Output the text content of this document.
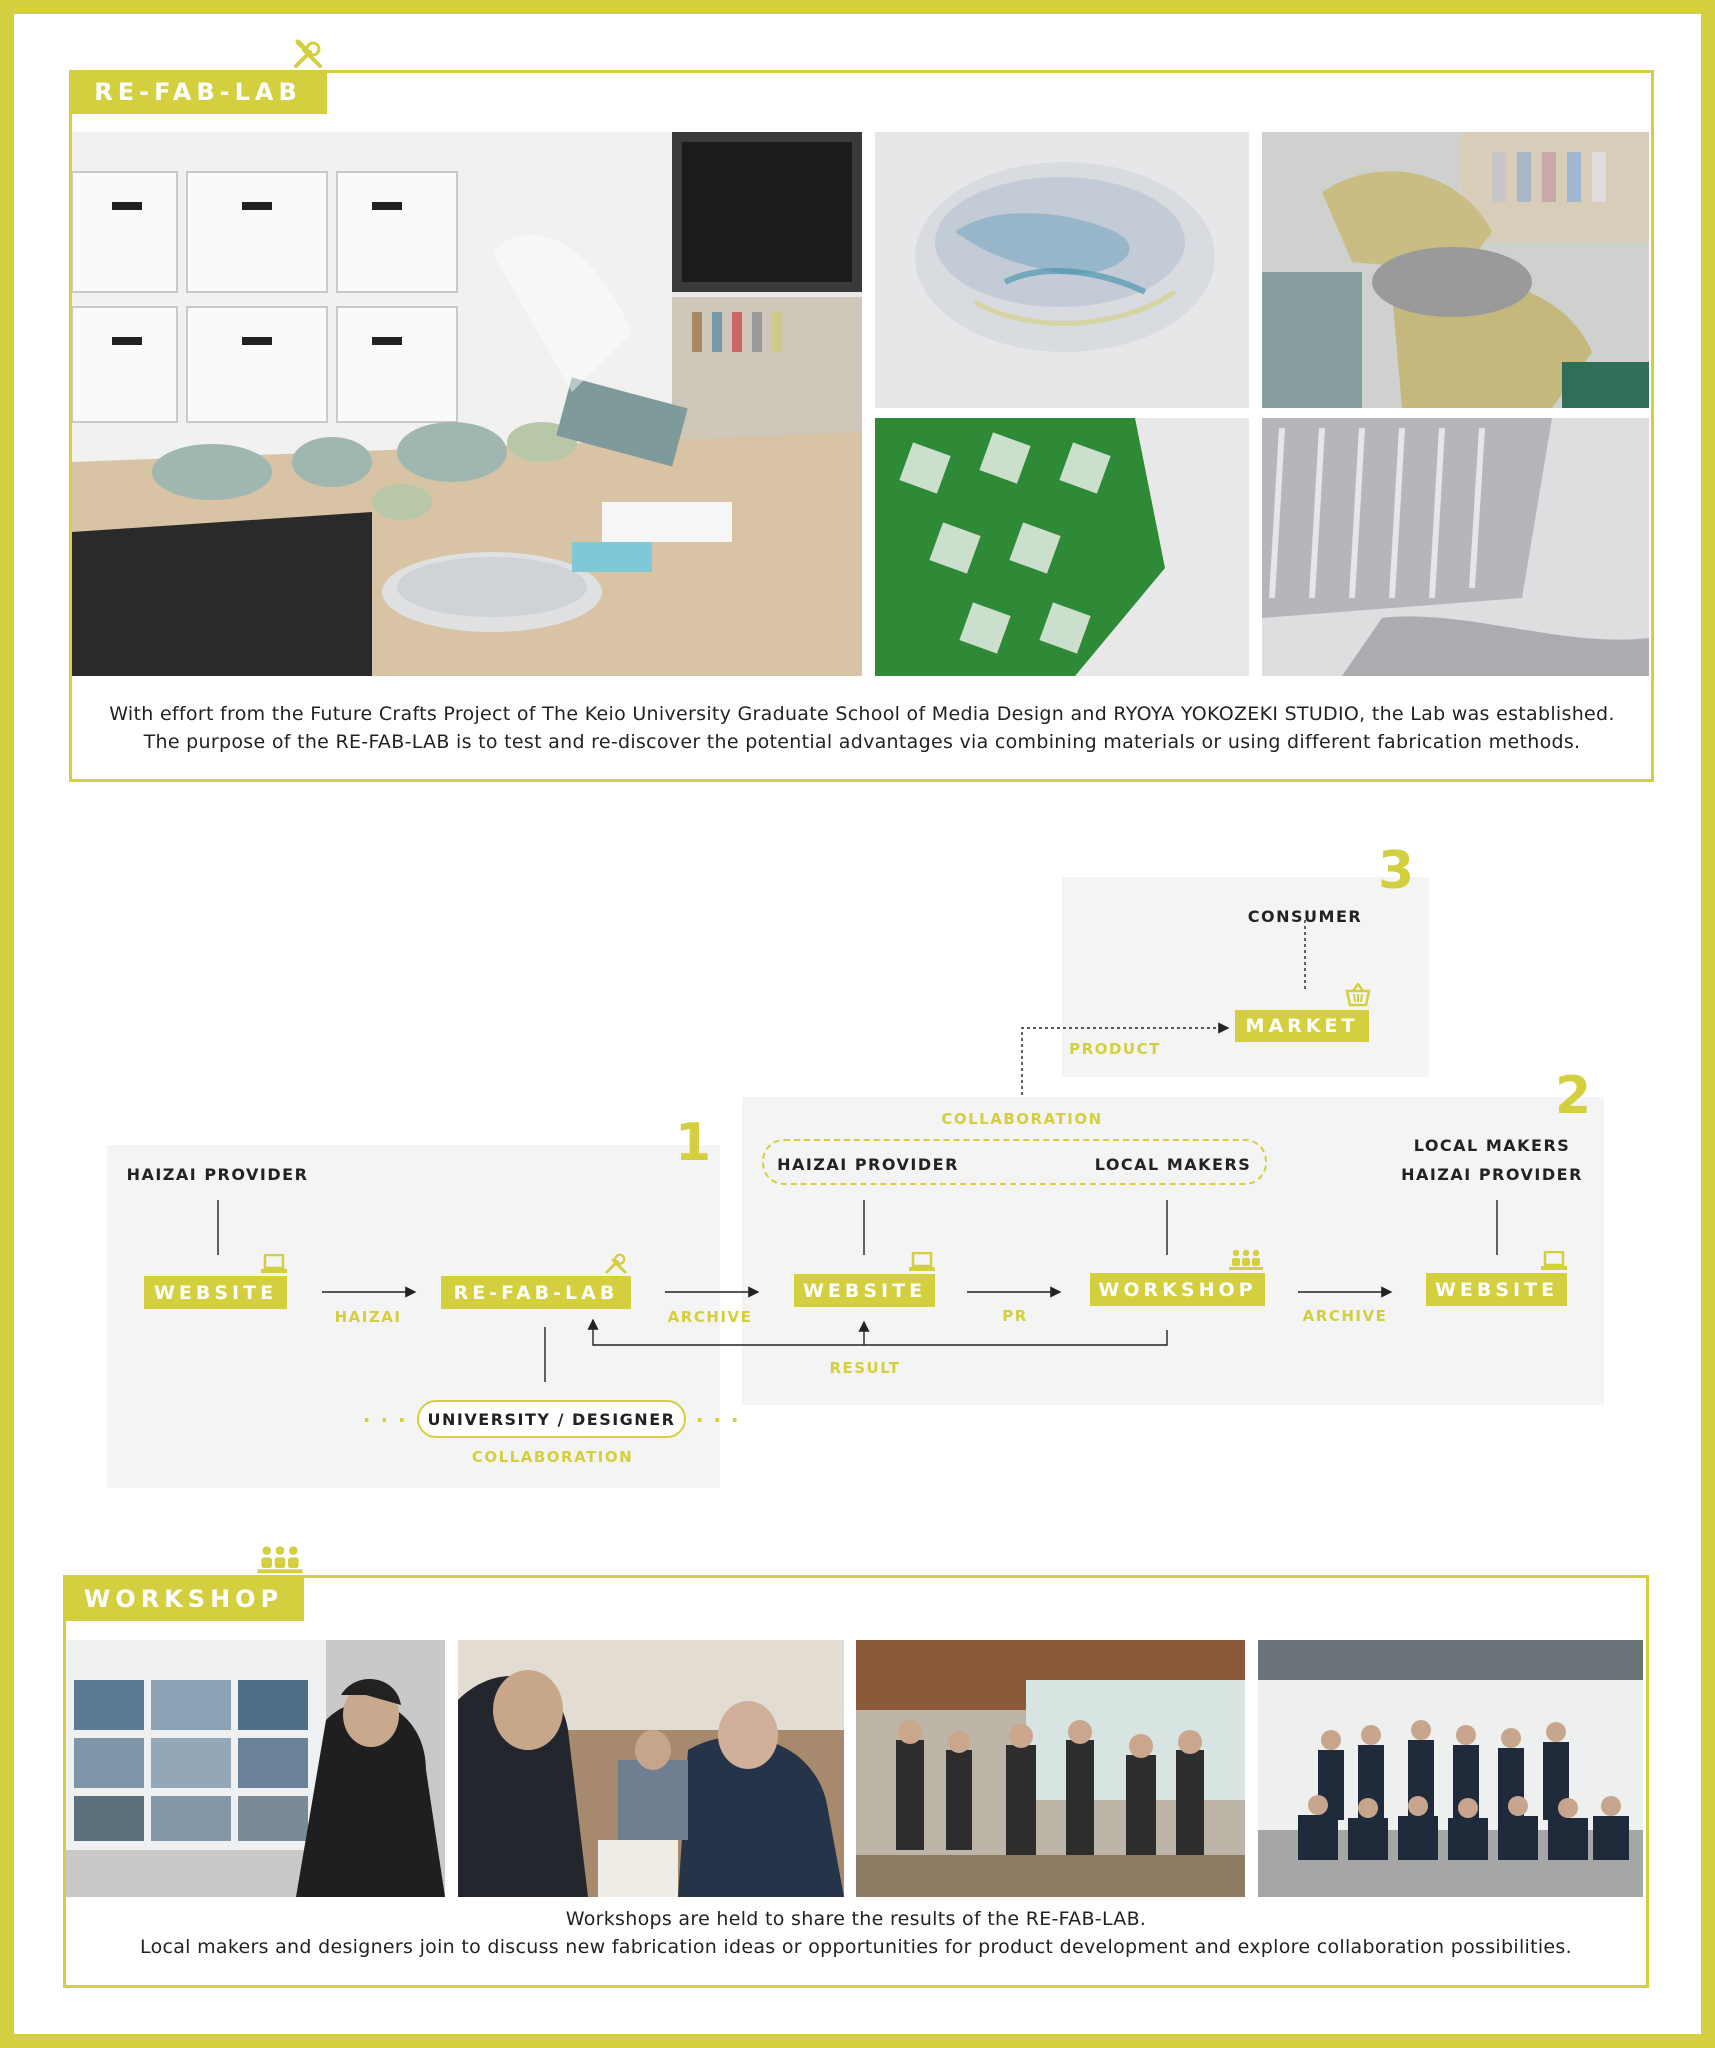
RE-FAB-LAB
With effort from the Future Crafts Project of The Keio University Graduate School of Media Design and RYOYA YOKOZEKI STUDIO, the Lab was established.
The purpose of the RE-FAB-LAB is to test and re-discover the potential advantages via combining materials or using different fabrication methods.
1
2
3
CONSUMER
MARKET
PRODUCT
COLLABORATION
HAIZAI PROVIDER	LOCAL MAKERS
HAIZAI PROVIDER
LOCAL MAKERS
HAIZAI PROVIDER
WEBSITE	RE-FAB-LAB	WEBSITE	WORKSHOP	WEBSITE
HAIZAI	ARCHIVE	PR	ARCHIVE
RESULT
· · ·	UNIVERSITY / DESIGNER	· · ·
COLLABORATION
WORKSHOP
Workshops are held to share the results of the RE-FAB-LAB.
Local makers and designers join to discuss new fabrication ideas or opportunities for product development and explore collaboration possibilities.
